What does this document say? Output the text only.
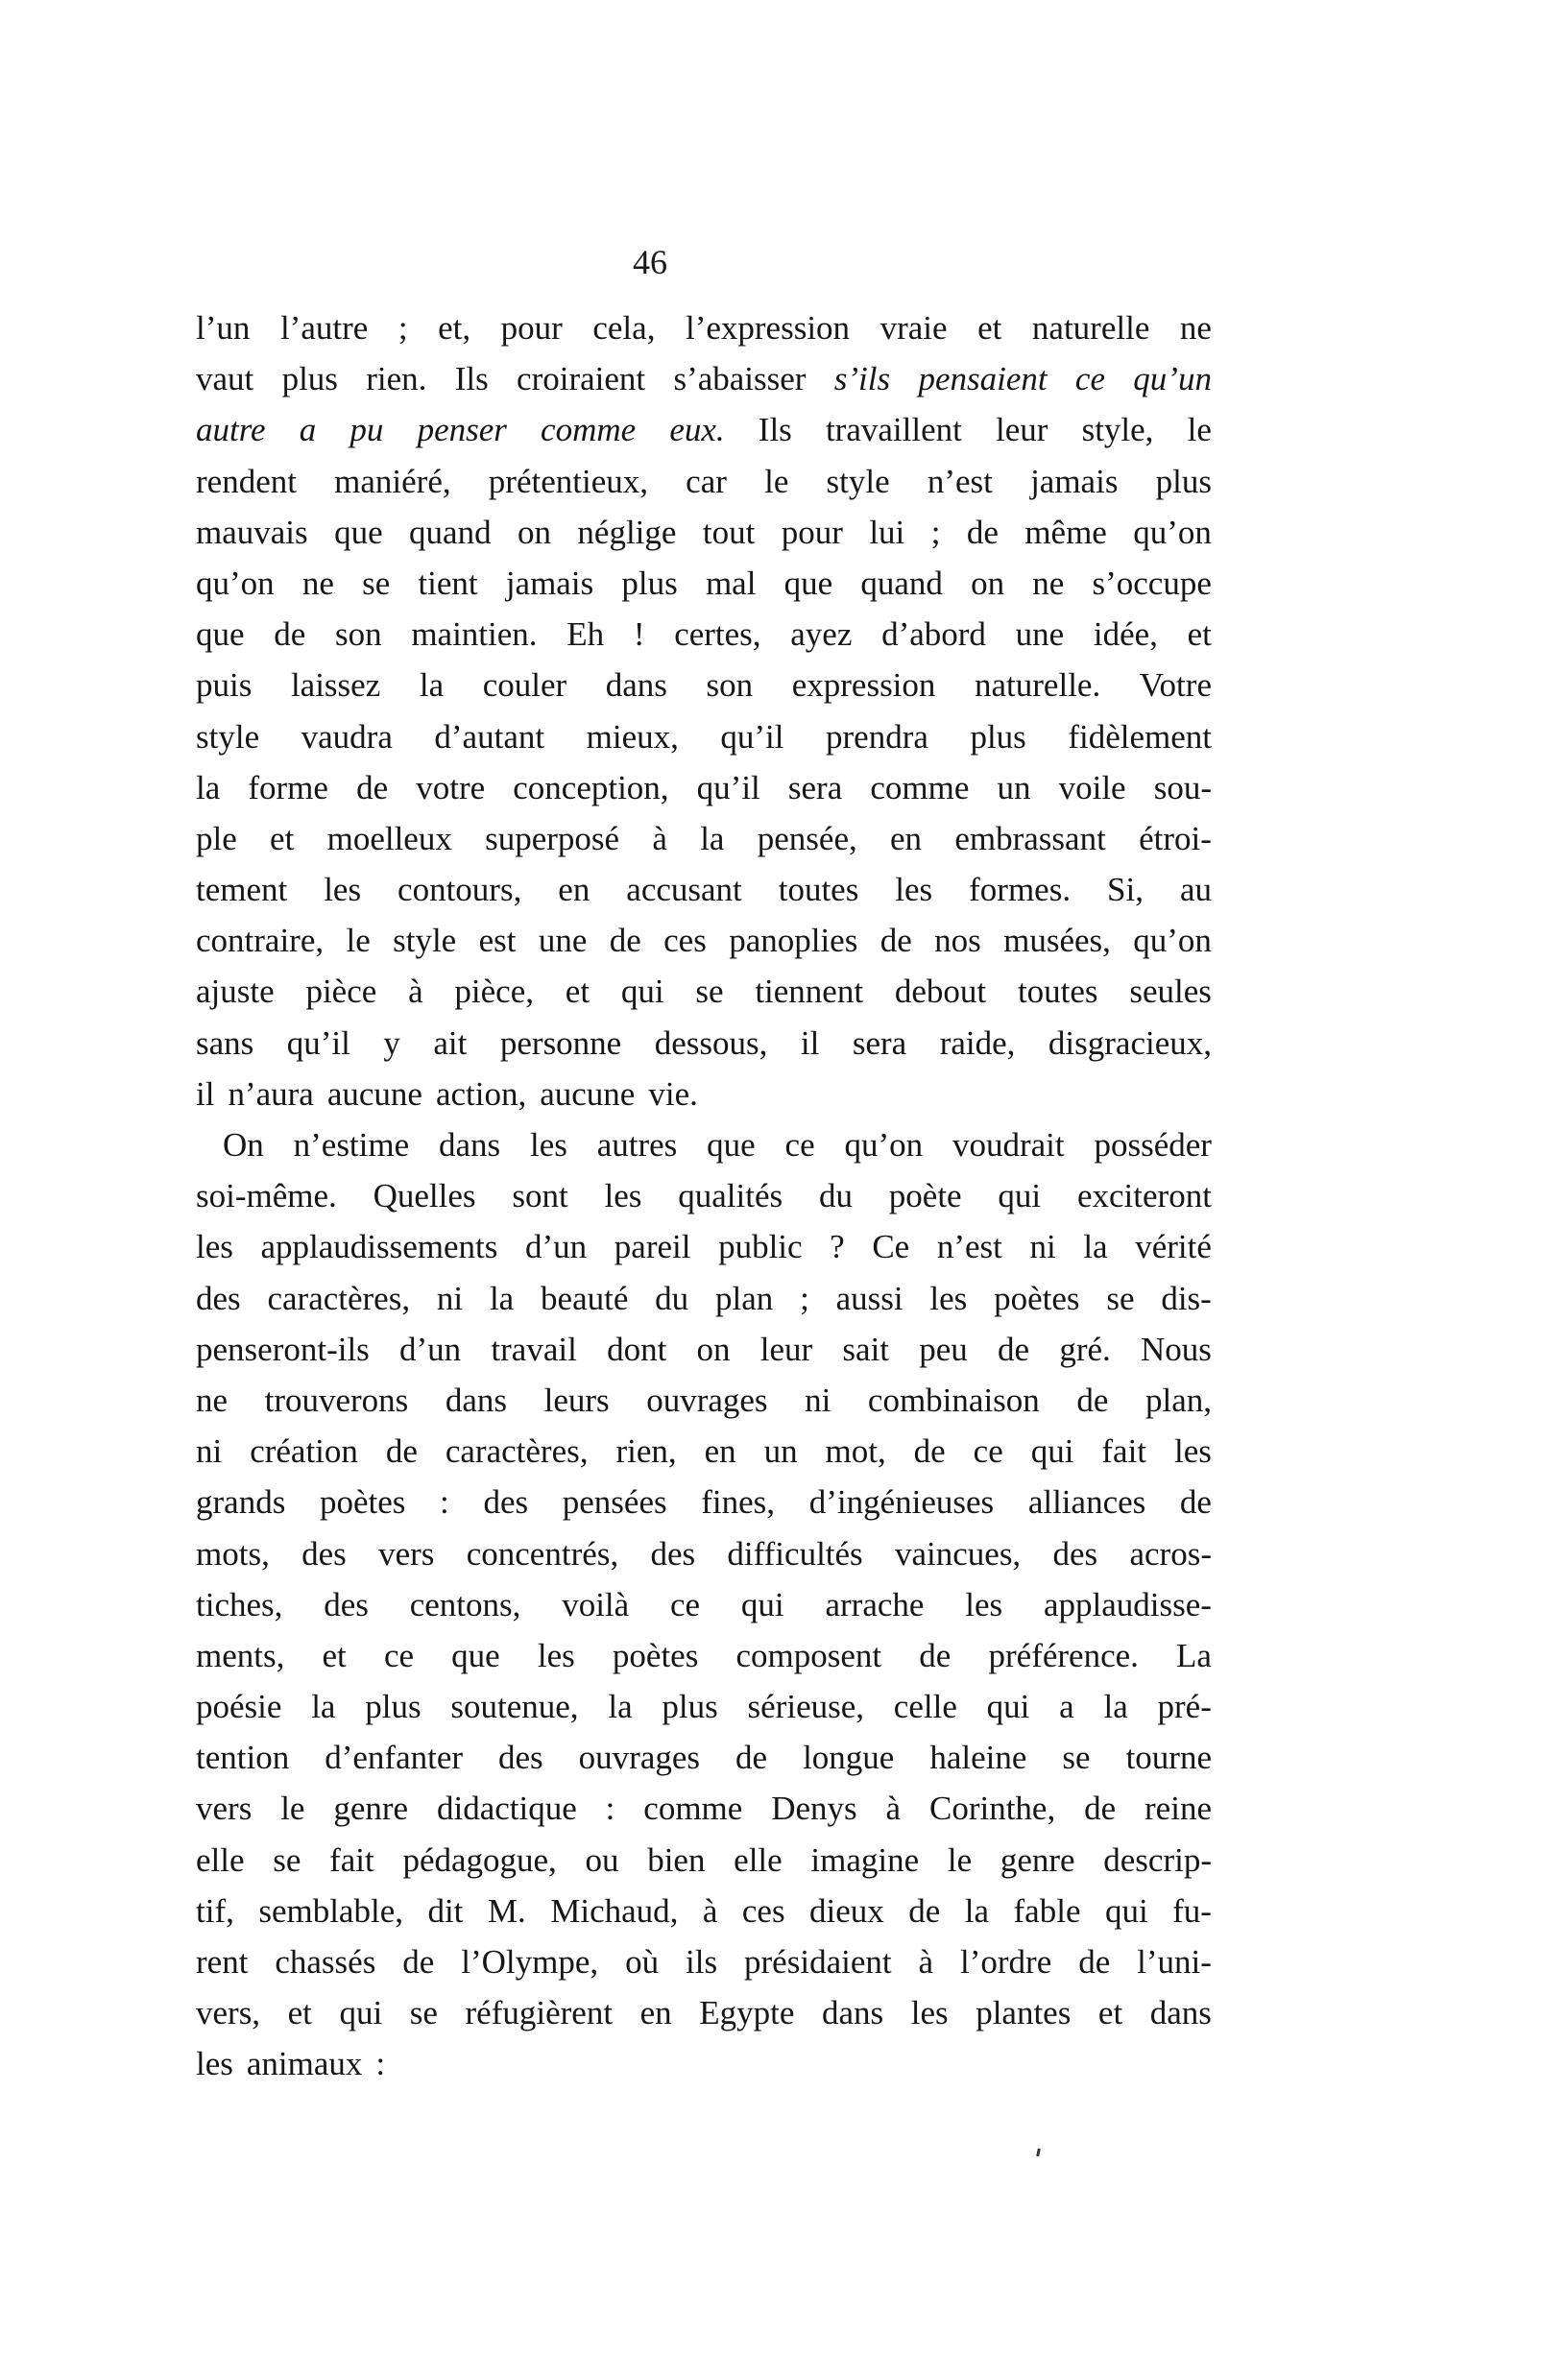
46
l’un l’autre ; et, pour cela, l’expression vraie et naturelle ne
vaut plus rien. Ils croiraient s’abaisser s’ils pensaient ce qu’un
autre a pu penser comme eux. Ils travaillent leur style, le
rendent maniéré, prétentieux, car le style n’est jamais plus
mauvais que quand on néglige tout pour lui ; de même qu’on
qu’on ne se tient jamais plus mal que quand on ne s’occupe
que de son maintien. Eh ! certes, ayez d’abord une idée, et
puis laissez la couler dans son expression naturelle. Votre
style vaudra d’autant mieux, qu’il prendra plus fidèlement
la forme de votre conception, qu’il sera comme un voile sou-
ple et moelleux superposé à la pensée, en embrassant étroi-
tement les contours, en accusant toutes les formes. Si, au
contraire, le style est une de ces panoplies de nos musées, qu’on
ajuste pièce à pièce, et qui se tiennent debout toutes seules
sans qu’il y ait personne dessous, il sera raide, disgracieux,
il n’aura aucune action, aucune vie.
On n’estime dans les autres que ce qu’on voudrait posséder
soi-même. Quelles sont les qualités du poète qui exciteront
les applaudissements d’un pareil public ? Ce n’est ni la vérité
des caractères, ni la beauté du plan ; aussi les poètes se dis-
penseront-ils d’un travail dont on leur sait peu de gré. Nous
ne trouverons dans leurs ouvrages ni combinaison de plan,
ni création de caractères, rien, en un mot, de ce qui fait les
grands poètes : des pensées fines, d’ingénieuses alliances de
mots, des vers concentrés, des difficultés vaincues, des acros-
tiches, des centons, voilà ce qui arrache les applaudisse-
ments, et ce que les poètes composent de préférence. La
poésie la plus soutenue, la plus sérieuse, celle qui a la pré-
tention d’enfanter des ouvrages de longue haleine se tourne
vers le genre didactique : comme Denys à Corinthe, de reine
elle se fait pédagogue, ou bien elle imagine le genre descrip-
tif, semblable, dit M. Michaud, à ces dieux de la fable qui fu-
rent chassés de l’Olympe, où ils présidaient à l’ordre de l’uni-
vers, et qui se réfugièrent en Egypte dans les plantes et dans
les animaux :
